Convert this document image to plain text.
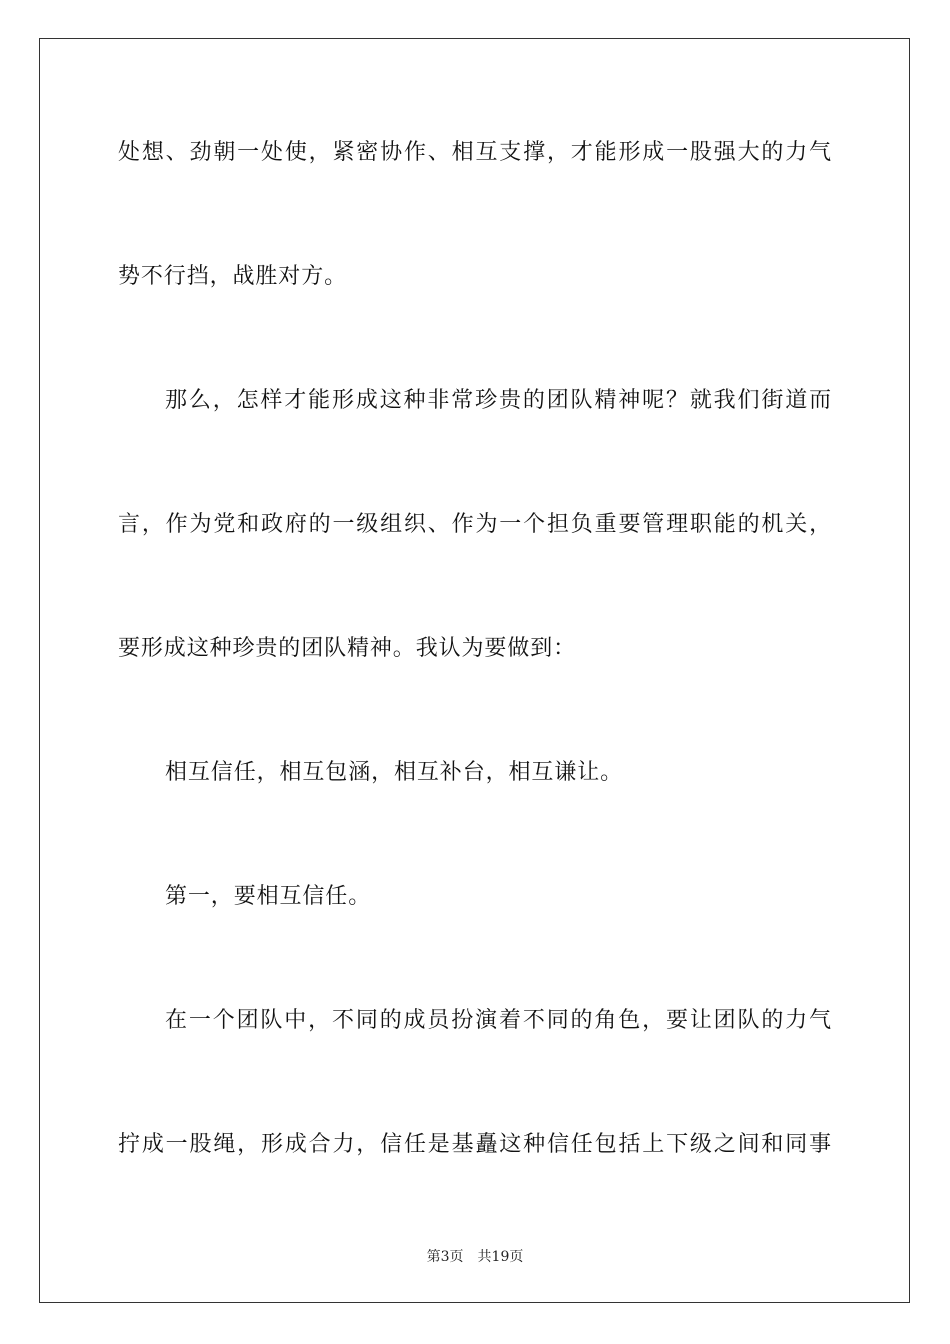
处想、劲朝一处使，紧密协作、相互支撑，才能形成一股强大的力气
势不行挡，战胜对方。
那么，怎样才能形成这种非常珍贵的团队精神呢？就我们街道而
言，作为党和政府的一级组织、作为一个担负重要管理职能的机关，
要形成这种珍贵的团队精神。我认为要做到：
相互信任，相互包涵，相互补台，相互谦让。
第一，要相互信任。
在一个团队中，不同的成员扮演着不同的角色，要让团队的力气
拧成一股绳，形成合力，信任是基矗这种信任包括上下级之间和同事
第3页 共19页
